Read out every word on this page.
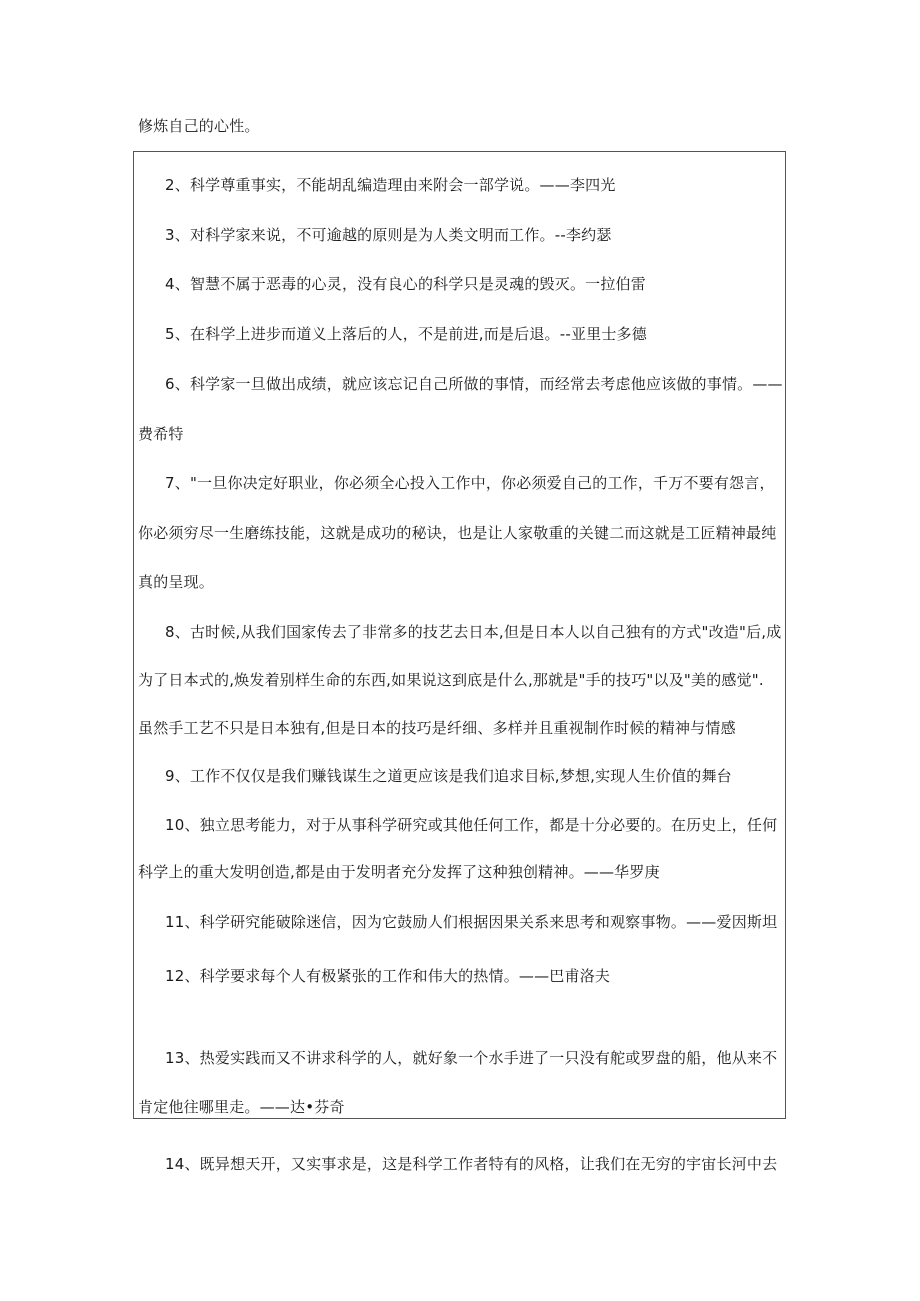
修炼自己的心性。
2、科学尊重事实，不能胡乱编造理由来附会一部学说。——李四光
3、对科学家来说，不可逾越的原则是为人类文明而工作。--李约瑟
4、智慧不属于恶毒的心灵，没有良心的科学只是灵魂的毁灭。一拉伯雷
5、在科学上进步而道义上落后的人，不是前进,而是后退。--亚里士多德
6、科学家一旦做出成绩，就应该忘记自己所做的事情，而经常去考虑他应该做的事情。——
费希特
7、"一旦你决定好职业，你必须全心投入工作中，你必须爱自己的工作，千万不要有怨言，
你必须穷尽一生磨练技能，这就是成功的秘诀，也是让人家敬重的关键二而这就是工匠精神最纯
真的呈现。
8、古时候,从我们国家传去了非常多的技艺去日本,但是日本人以自己独有的方式"改造"后,成
为了日本式的,焕发着别样生命的东西,如果说这到底是什么,那就是"手的技巧"以及"美的感觉".
虽然手工艺不只是日本独有,但是日本的技巧是纤细、多样并且重视制作时候的精神与情感
9、工作不仅仅是我们赚钱谋生之道更应该是我们追求目标,梦想,实现人生价值的舞台
10、独立思考能力，对于从事科学研究或其他任何工作，都是十分必要的。在历史上，任何
科学上的重大发明创造,都是由于发明者充分发挥了这种独创精神。——华罗庚
11、科学研究能破除迷信，因为它鼓励人们根据因果关系来思考和观察事物。——爱因斯坦
12、科学要求每个人有极紧张的工作和伟大的热情。——巴甫洛夫
13、热爱实践而又不讲求科学的人，就好象一个水手进了一只没有舵或罗盘的船，他从来不
肯定他往哪里走。——达•芬奇
14、既异想天开，又实事求是，这是科学工作者特有的风格，让我们在无穷的宇宙长河中去
